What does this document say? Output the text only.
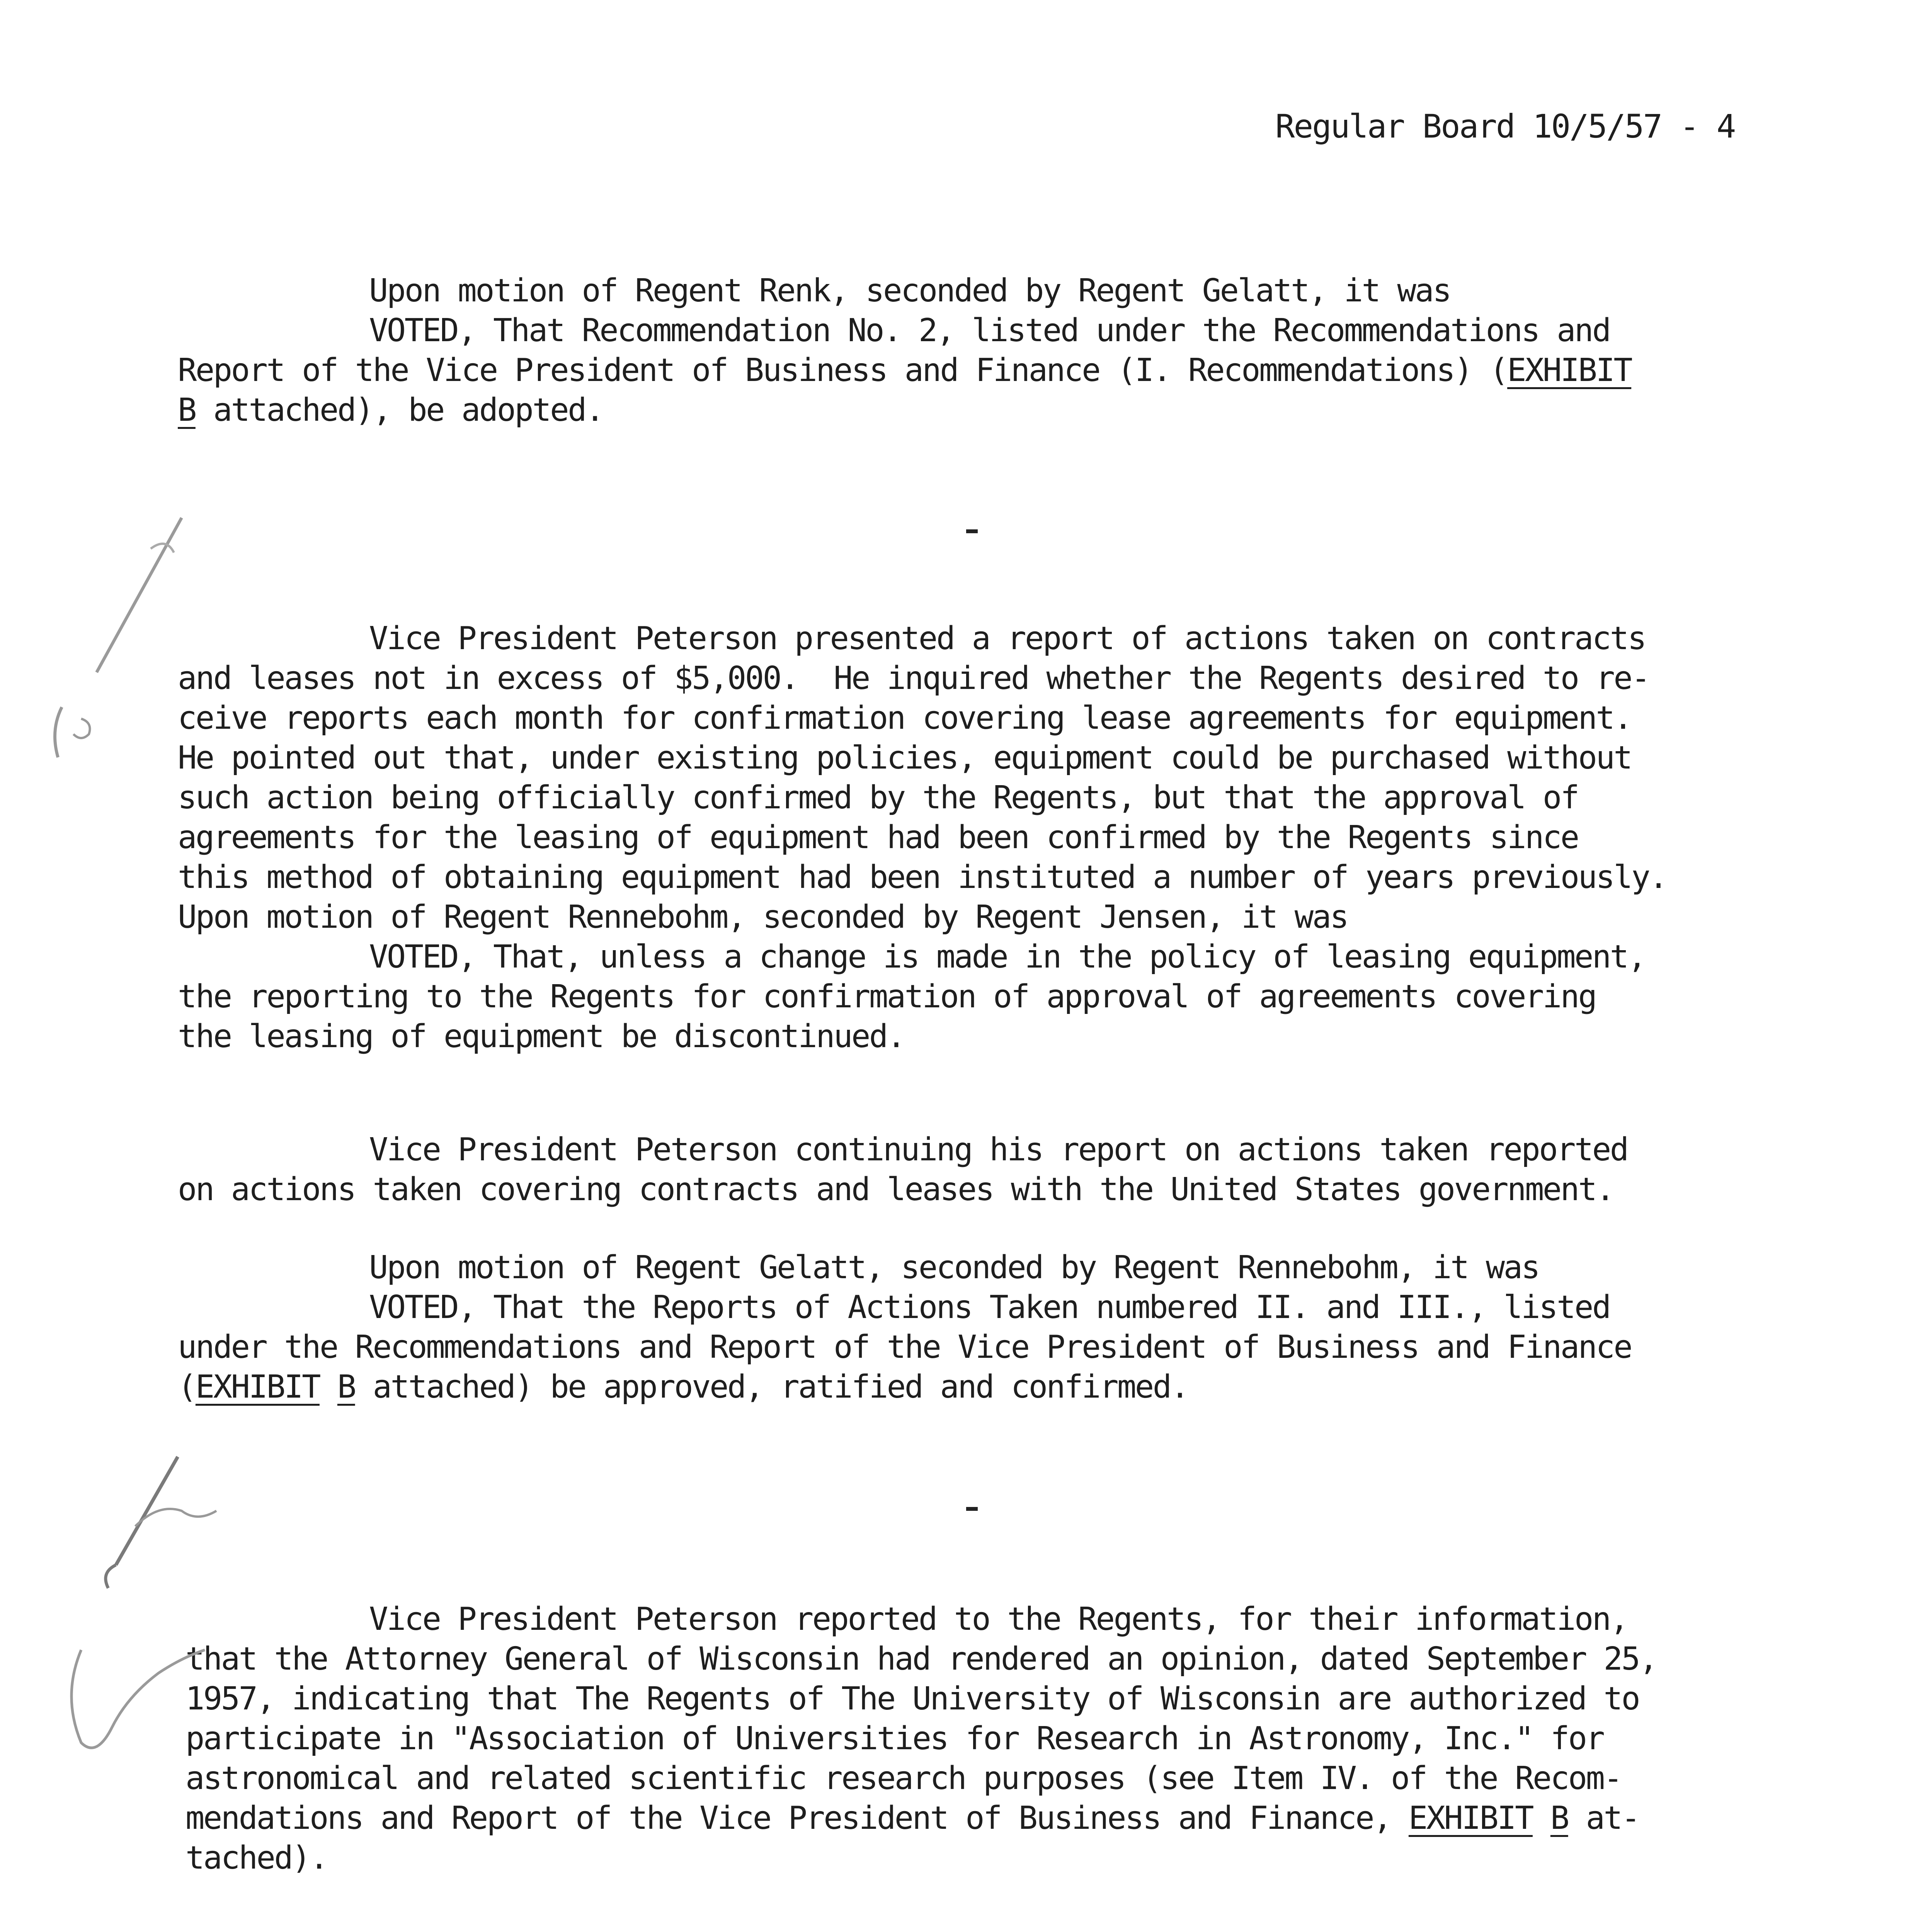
Regular Board 10/5/57 - 4
Upon motion of Regent Renk, seconded by Regent Gelatt, it was
VOTED, That Recommendation No. 2, listed under the Recommendations and
Report of the Vice President of Business and Finance (I. Recommendations) (EXHIBIT
B attached), be adopted.
Vice President Peterson presented a report of actions taken on contracts
and leases not in excess of $5,000.  He inquired whether the Regents desired to re-
ceive reports each month for confirmation covering lease agreements for equipment.
He pointed out that, under existing policies, equipment could be purchased without
such action being officially confirmed by the Regents, but that the approval of
agreements for the leasing of equipment had been confirmed by the Regents since
this method of obtaining equipment had been instituted a number of years previously.
Upon motion of Regent Rennebohm, seconded by Regent Jensen, it was
VOTED, That, unless a change is made in the policy of leasing equipment,
the reporting to the Regents for confirmation of approval of agreements covering
the leasing of equipment be discontinued.
Vice President Peterson continuing his report on actions taken reported
on actions taken covering contracts and leases with the United States government.
Upon motion of Regent Gelatt, seconded by Regent Rennebohm, it was
VOTED, That the Reports of Actions Taken numbered II. and III., listed
under the Recommendations and Report of the Vice President of Business and Finance
(EXHIBIT B attached) be approved, ratified and confirmed.
Vice President Peterson reported to the Regents, for their information,
that the Attorney General of Wisconsin had rendered an opinion, dated September 25,
1957, indicating that The Regents of The University of Wisconsin are authorized to
participate in "Association of Universities for Research in Astronomy, Inc." for
astronomical and related scientific research purposes (see Item IV. of the Recom-
mendations and Report of the Vice President of Business and Finance, EXHIBIT B at-
tached).
